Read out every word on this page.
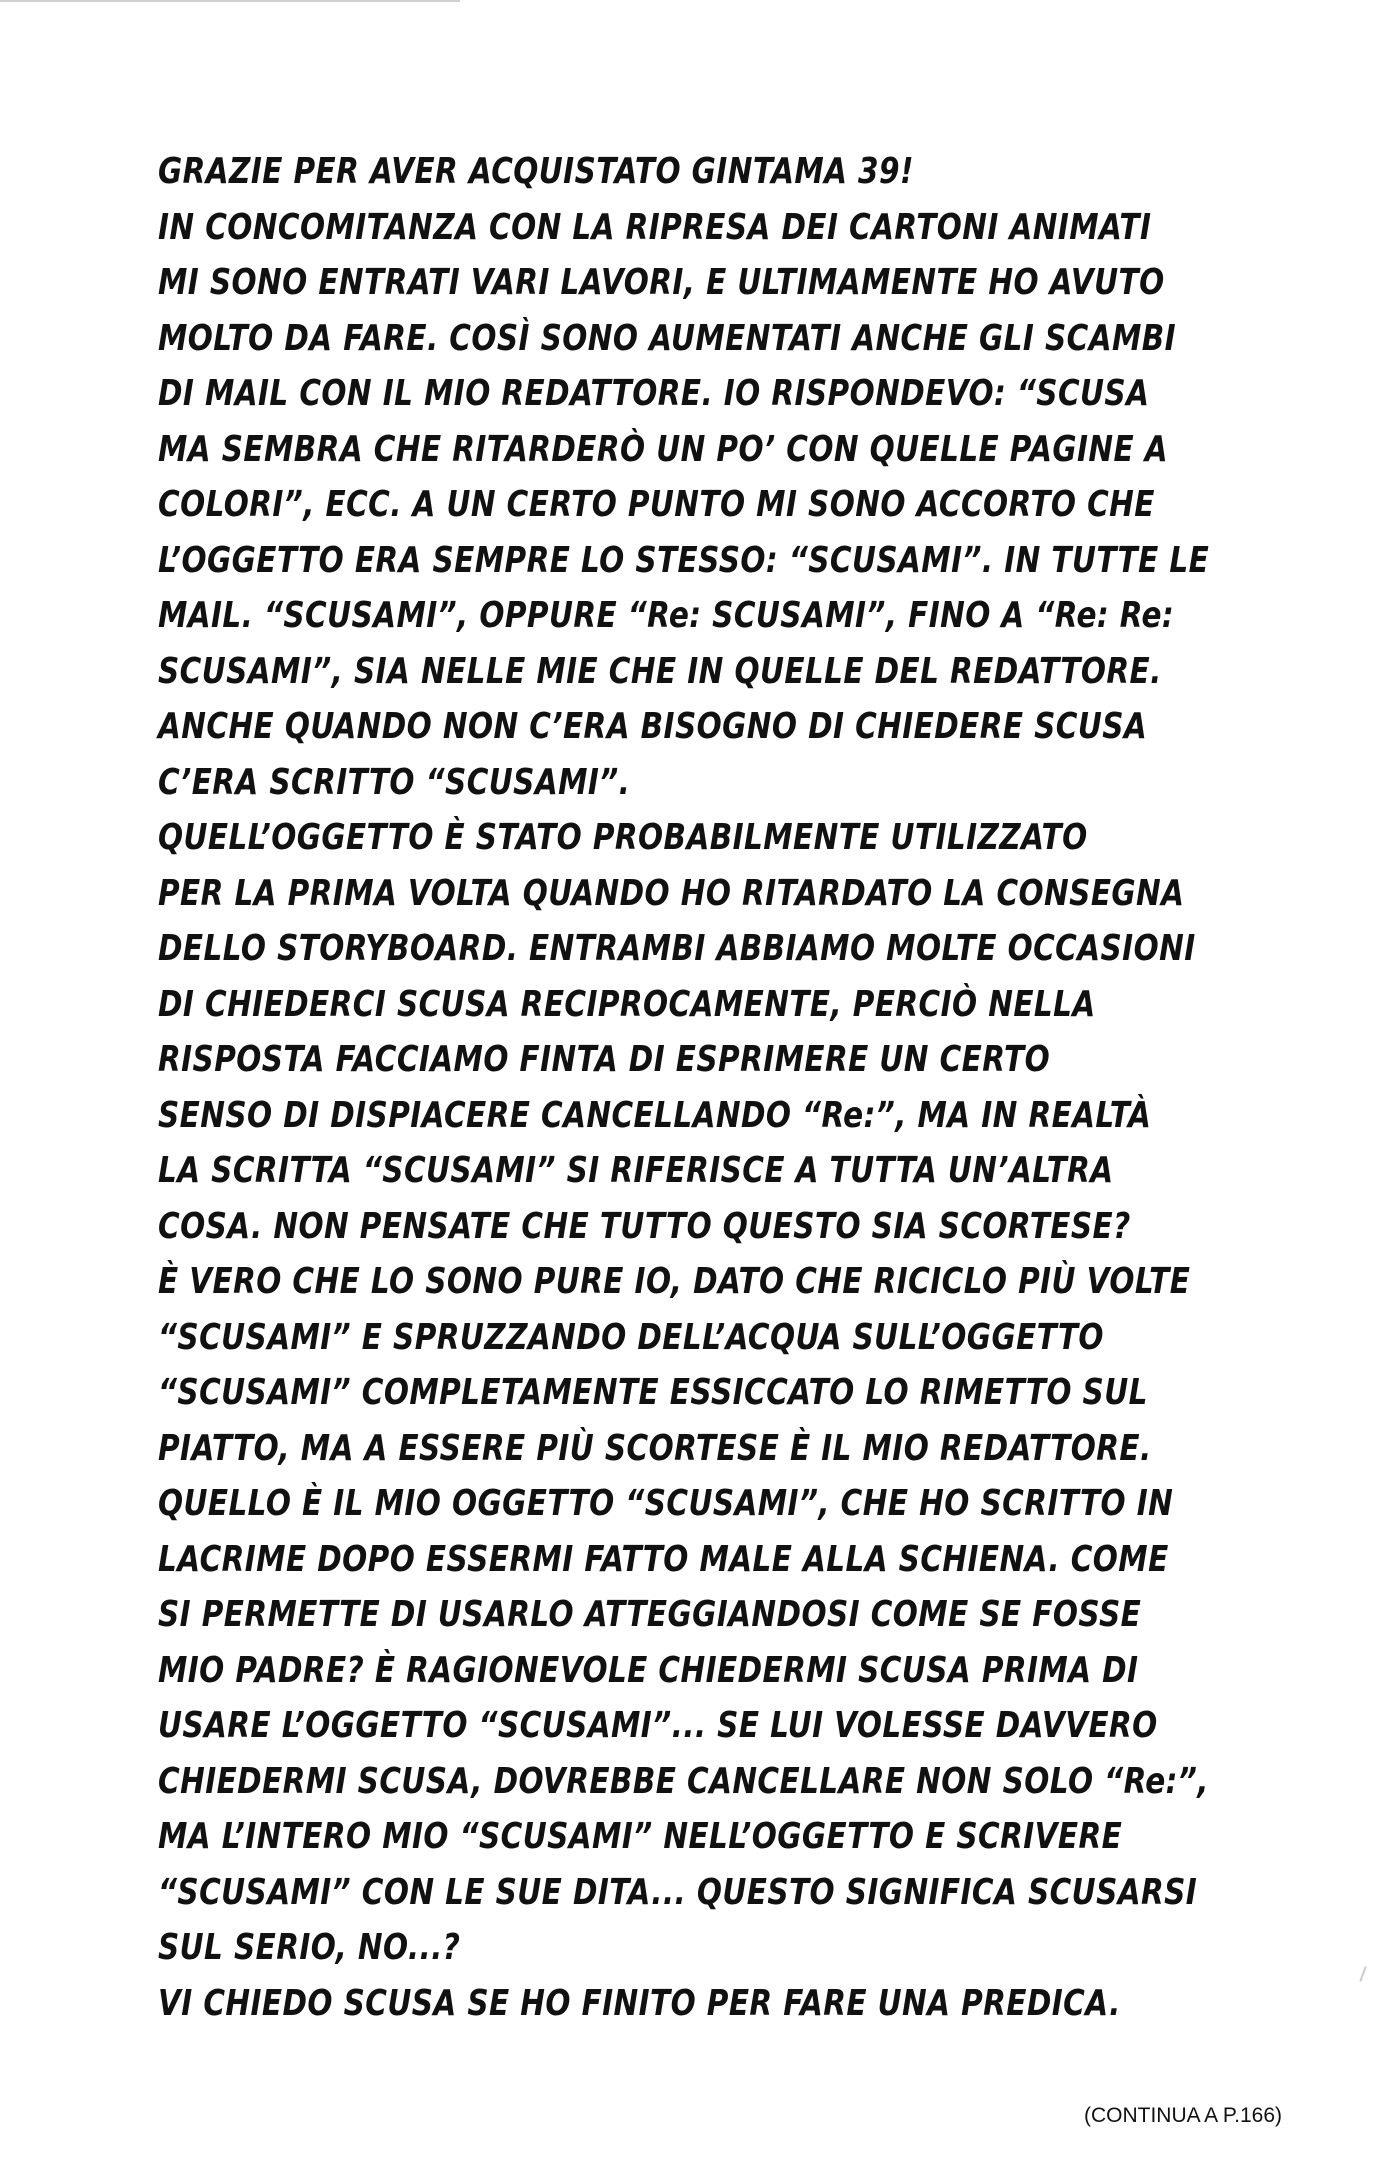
GRAZIE PER AVER ACQUISTATO GINTAMA 39!
IN CONCOMITANZA CON LA RIPRESA DEI CARTONI ANIMATI
MI SONO ENTRATI VARI LAVORI, E ULTIMAMENTE HO AVUTO
MOLTO DA FARE. COSÌ SONO AUMENTATI ANCHE GLI SCAMBI
DI MAIL CON IL MIO REDATTORE. IO RISPONDEVO: “SCUSA
MA SEMBRA CHE RITARDERÒ UN PO’ CON QUELLE PAGINE A
COLORI”, ECC. A UN CERTO PUNTO MI SONO ACCORTO CHE
L’OGGETTO ERA SEMPRE LO STESSO: “SCUSAMI”. IN TUTTE LE
MAIL. “SCUSAMI”, OPPURE “Re: SCUSAMI”, FINO A “Re: Re:
SCUSAMI”, SIA NELLE MIE CHE IN QUELLE DEL REDATTORE.
ANCHE QUANDO NON C’ERA BISOGNO DI CHIEDERE SCUSA
C’ERA SCRITTO “SCUSAMI”.
QUELL’OGGETTO È STATO PROBABILMENTE UTILIZZATO
PER LA PRIMA VOLTA QUANDO HO RITARDATO LA CONSEGNA
DELLO STORYBOARD. ENTRAMBI ABBIAMO MOLTE OCCASIONI
DI CHIEDERCI SCUSA RECIPROCAMENTE, PERCIÒ NELLA
RISPOSTA FACCIAMO FINTA DI ESPRIMERE UN CERTO
SENSO DI DISPIACERE CANCELLANDO “Re:”, MA IN REALTÀ
LA SCRITTA “SCUSAMI” SI RIFERISCE A TUTTA UN’ALTRA
COSA. NON PENSATE CHE TUTTO QUESTO SIA SCORTESE?
È VERO CHE LO SONO PURE IO, DATO CHE RICICLO PIÙ VOLTE
“SCUSAMI” E SPRUZZANDO DELL’ACQUA SULL’OGGETTO
“SCUSAMI” COMPLETAMENTE ESSICCATO LO RIMETTO SUL
PIATTO, MA A ESSERE PIÙ SCORTESE È IL MIO REDATTORE.
QUELLO È IL MIO OGGETTO “SCUSAMI”, CHE HO SCRITTO IN
LACRIME DOPO ESSERMI FATTO MALE ALLA SCHIENA. COME
SI PERMETTE DI USARLO ATTEGGIANDOSI COME SE FOSSE
MIO PADRE? È RAGIONEVOLE CHIEDERMI SCUSA PRIMA DI
USARE L’OGGETTO “SCUSAMI”... SE LUI VOLESSE DAVVERO
CHIEDERMI SCUSA, DOVREBBE CANCELLARE NON SOLO “Re:”,
MA L’INTERO MIO “SCUSAMI” NELL’OGGETTO E SCRIVERE
“SCUSAMI” CON LE SUE DITA... QUESTO SIGNIFICA SCUSARSI
SUL SERIO, NO...?
VI CHIEDO SCUSA SE HO FINITO PER FARE UNA PREDICA.
(CONTINUA A P.166)
